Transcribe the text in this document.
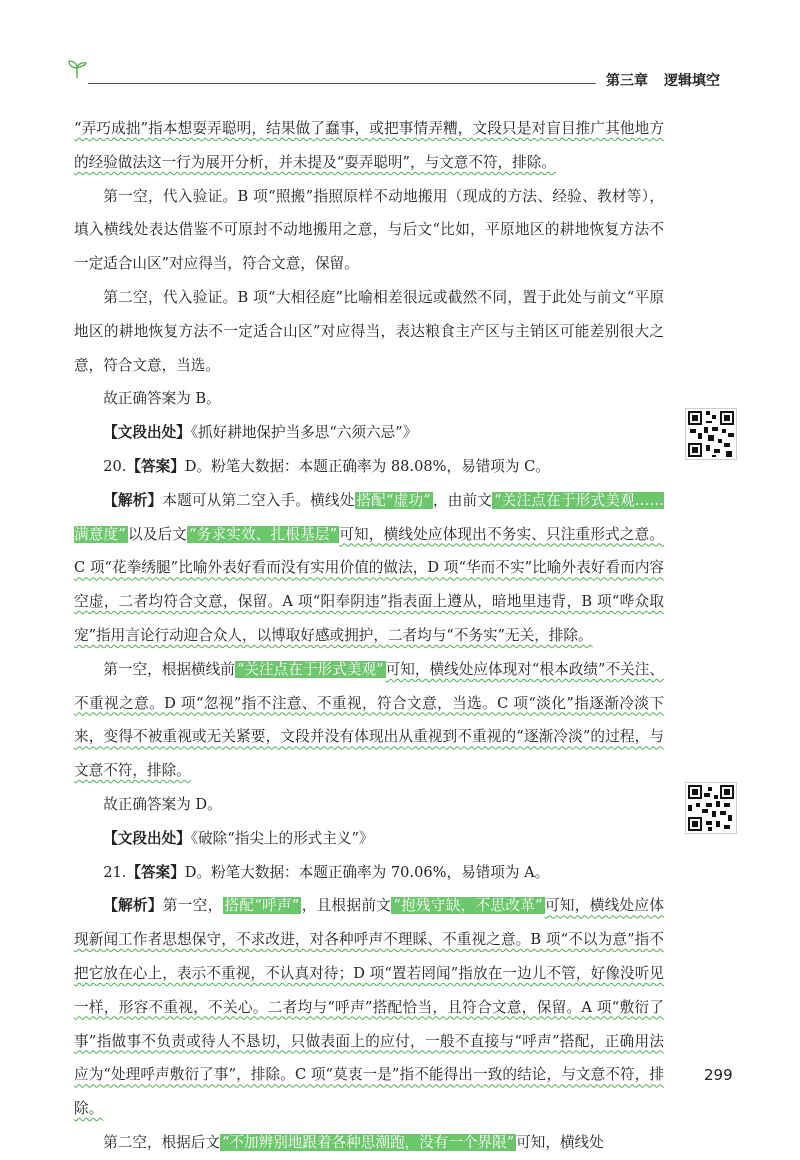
第三章 逻辑填空

“弄巧成拙”指本想耍弄聪明，结果做了蠢事，或把事情弄糟，文段只是对盲目推广其他地方的经验做法这一行为展开分析，并未提及“耍弄聪明”，与文意不符，排除。

第一空，代入验证。B 项“照搬”指照原样不动地搬用（现成的方法、经验、教材等），填入横线处表达借鉴不可原封不动地搬用之意，与后文“比如，平原地区的耕地恢复方法不一定适合山区”对应得当，符合文意，保留。

第二空，代入验证。B 项“大相径庭”比喻相差很远或截然不同，置于此处与前文“平原地区的耕地恢复方法不一定适合山区”对应得当，表达粮食主产区与主销区可能差别很大之意，符合文意，当选。

故正确答案为 B。

【文段出处】《抓好耕地保护当多思“六须六忌”》

20.【答案】D。粉笔大数据：本题正确率为 88.08%，易错项为 C。

【解析】本题可从第二空入手。横线处 搭配“虚功” ，由前文 “关注点在于形式美观……满意度” 以及后文 “务求实效、扎根基层” 可知，横线处应体现出不务实、只注重形式之意。C 项“花拳绣腿”比喻外表好看而没有实用价值的做法，D 项“华而不实”比喻外表好看而内容空虚，二者均符合文意，保留。A 项“阳奉阴违”指表面上遵从，暗地里违背，B 项“哗众取宠”指用言论行动迎合众人，以博取好感或拥护，二者均与“不务实”无关，排除。

第一空，根据横线前 “关注点在于形式美观” 可知，横线处应体现对“根本政绩”不关注、不重视之意。D 项“忽视”指不注意、不重视，符合文意，当选。C 项“淡化”指逐渐冷淡下来，变得不被重视或无关紧要，文段并没有体现出从重视到不重视的“逐渐冷淡”的过程，与文意不符，排除。

故正确答案为 D。

【文段出处】《破除“指尖上的形式主义”》

21.【答案】D。粉笔大数据：本题正确率为 70.06%，易错项为 A。

【解析】第一空， 搭配“呼声” ，且根据前文 “抱残守缺，不思改革” 可知，横线处应体现新闻工作者思想保守，不求改进，对各种呼声不理睬、不重视之意。B 项“不以为意”指不把它放在心上，表示不重视，不认真对待；D 项“置若罔闻”指放在一边儿不管，好像没听见一样，形容不重视，不关心。二者均与“呼声”搭配恰当，且符合文意，保留。A 项“敷衍了事”指做事不负责或待人不恳切，只做表面上的应付，一般不直接与“呼声”搭配，正确用法应为“处理呼声敷衍了事”，排除。C 项“莫衷一是”指不能得出一致的结论，与文意不符，排除。

第二空，根据后文 “不加辨别地跟着各种思潮跑，没有一个界限” 可知，横线处

299
